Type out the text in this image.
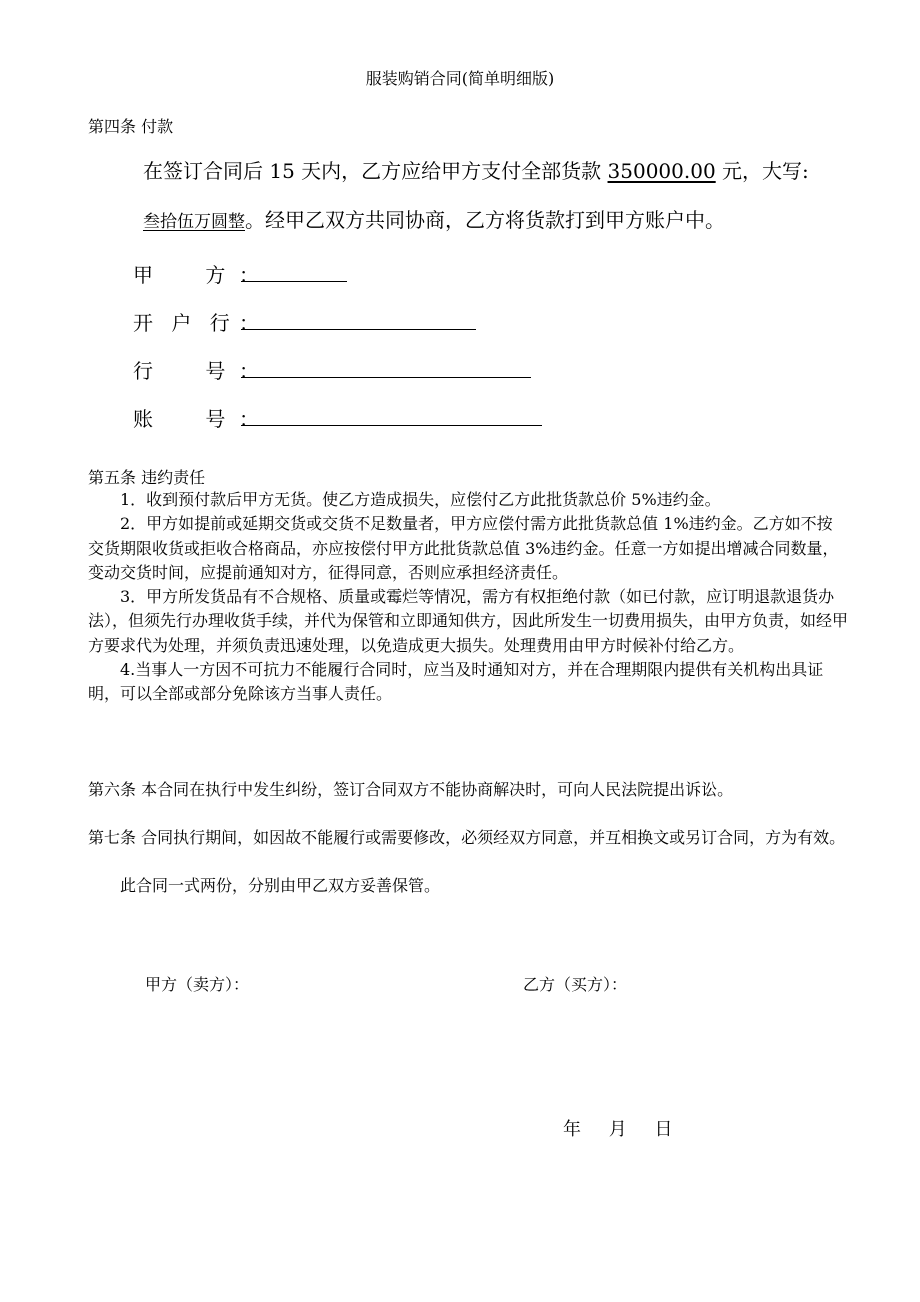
服装购销合同(简单明细版)
第四条 付款
在签订合同后 15 天内，乙方应给甲方支付全部货款 350000.00 元，大写:
叁拾伍万圆整。经甲乙双方共同协商，乙方将货款打到甲方账户中。
甲 方 ：
开 户 行 ：
行 号 ：
账 号 ：
第五条 违约责任
1．收到预付款后甲方无货。使乙方造成损失，应偿付乙方此批货款总价 5%违约金。
2．甲方如提前或延期交货或交货不足数量者，甲方应偿付需方此批货款总值 1%违约金。乙方如不按交货期限收货或拒收合格商品，亦应按偿付甲方此批货款总值 3%违约金。任意一方如提出增减合同数量，变动交货时间，应提前通知对方，征得同意，否则应承担经济责任。
3．甲方所发货品有不合规格、质量或霉烂等情况，需方有权拒绝付款（如已付款，应订明退款退货办法），但须先行办理收货手续，并代为保管和立即通知供方，因此所发生一切费用损失，由甲方负责，如经甲方要求代为处理，并须负责迅速处理，以免造成更大损失。处理费用由甲方时候补付给乙方。
4.当事人一方因不可抗力不能履行合同时，应当及时通知对方，并在合理期限内提供有关机构出具证明，可以全部或部分免除该方当事人责任。
第六条 本合同在执行中发生纠纷，签订合同双方不能协商解决时，可向人民法院提出诉讼。
第七条 合同执行期间，如因故不能履行或需要修改，必须经双方同意，并互相换文或另订合同，方为有效。
此合同一式两份，分别由甲乙双方妥善保管。
甲方（卖方）：	乙方（买方）：
年 月 日
